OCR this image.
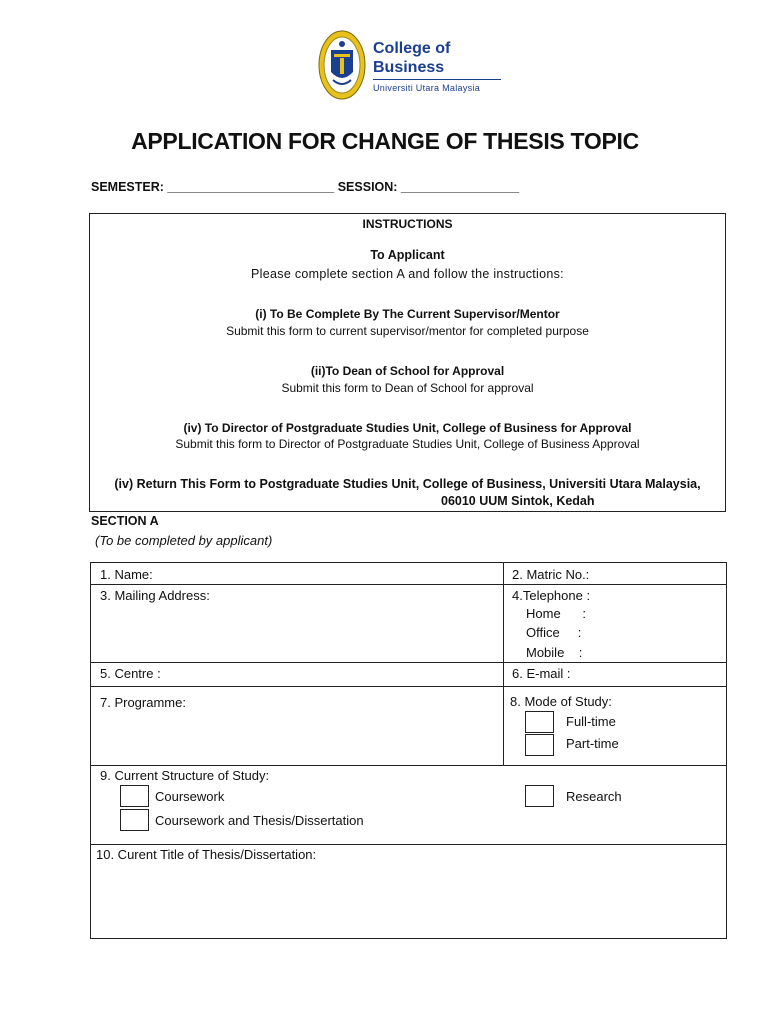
College of
Business
Universiti Utara Malaysia
APPLICATION FOR CHANGE OF THESIS TOPIC
SEMESTER: ________________________ SESSION: _________________
INSTRUCTIONS
To Applicant
Please complete section A and follow the instructions:
(i) To Be Complete By The Current Supervisor/Mentor
Submit this form to current supervisor/mentor for completed purpose
(ii)To Dean of School for Approval
Submit this form to Dean of School for approval
(iv) To Director of Postgraduate Studies Unit, College of Business for Approval
Submit this form to Director of Postgraduate Studies Unit, College of Business Approval
(iv) Return This Form to Postgraduate Studies Unit, College of Business, Universiti Utara Malaysia,
06010 UUM Sintok, Kedah
SECTION A
(To be completed by applicant)
1. Name:	2. Matric No.:
3. Mailing Address:	4.Telephone :
Home      :
Office     :
Mobile    :
5. Centre :	6. E-mail :
7. Programme:	8. Mode of Study:
Full-time
Part-time
9. Current Structure of Study:
Coursework
Coursework and Thesis/Dissertation
Research
10. Curent Title of Thesis/Dissertation:
